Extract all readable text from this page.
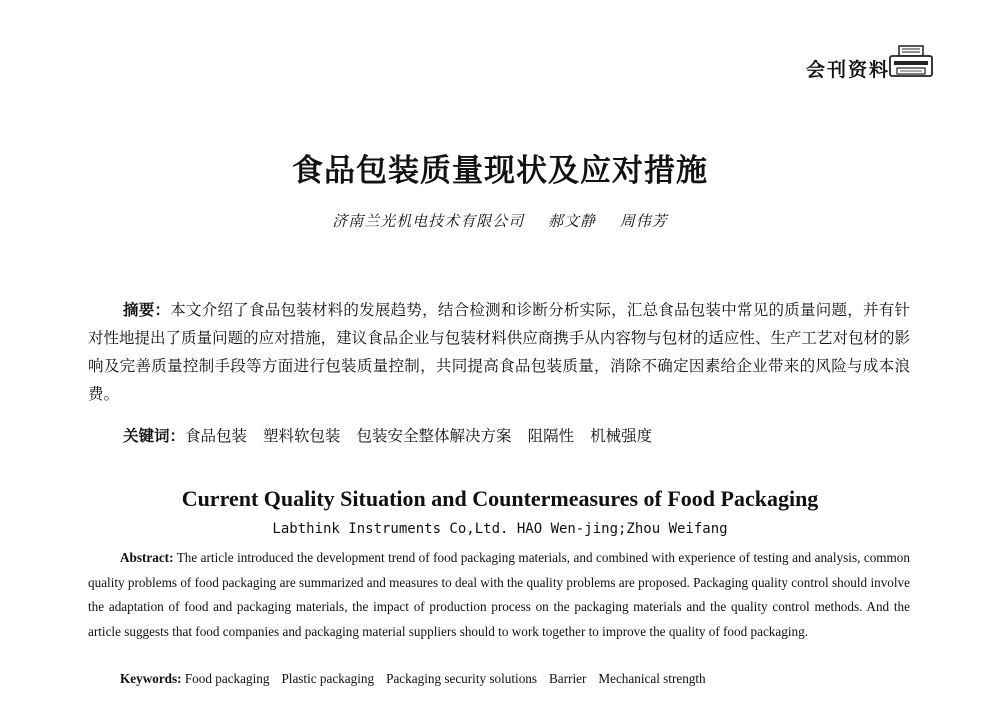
会刊资料
食品包装质量现状及应对措施
济南兰光机电技术有限公司 郝文静 周伟芳
摘要：本文介绍了食品包装材料的发展趋势，结合检测和诊断分析实际，汇总食品包装中常见的质量问题，并有针对性地提出了质量问题的应对措施，建议食品企业与包装材料供应商携手从内容物与包材的适应性、生产工艺对包材的影响及完善质量控制手段等方面进行包装质量控制，共同提高食品包装质量，消除不确定因素给企业带来的风险与成本浪费。
关键词：食品包装 塑料软包装 包装安全整体解决方案 阻隔性 机械强度
Current Quality Situation and Countermeasures of Food Packaging
Labthink Instruments Co,Ltd. HAO Wen-jing;Zhou Weifang
Abstract: The article introduced the development trend of food packaging materials, and combined with experience of testing and analysis, common quality problems of food packaging are summarized and measures to deal with the quality problems are proposed. Packaging quality control should involve the adaptation of food and packaging materials, the impact of production process on the packaging materials and the quality control methods. And the article suggests that food companies and packaging material suppliers should to work together to improve the quality of food packaging.
Keywords: Food packaging Plastic packaging Packaging security solutions Barrier Mechanical strength
